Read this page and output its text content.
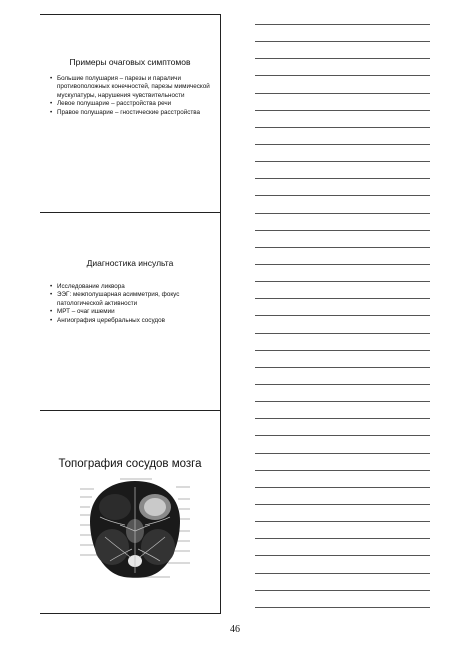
Примеры очаговых симптомов

• Большие полушария – парезы и параличи противоположных конечностей, парезы мимической мускулатуры, нарушения чувствительности
• Левое полушарие – расстройства речи
• Правое полушарие – гностические расстройства

Диагностика инсульта

• Исследование ликвора
• ЭЭГ: межполушарная асимметрия, фокус патологической активности
• МРТ – очаг ишемии
• Ангиография церебральных сосудов

Топография сосудов мозга

46
